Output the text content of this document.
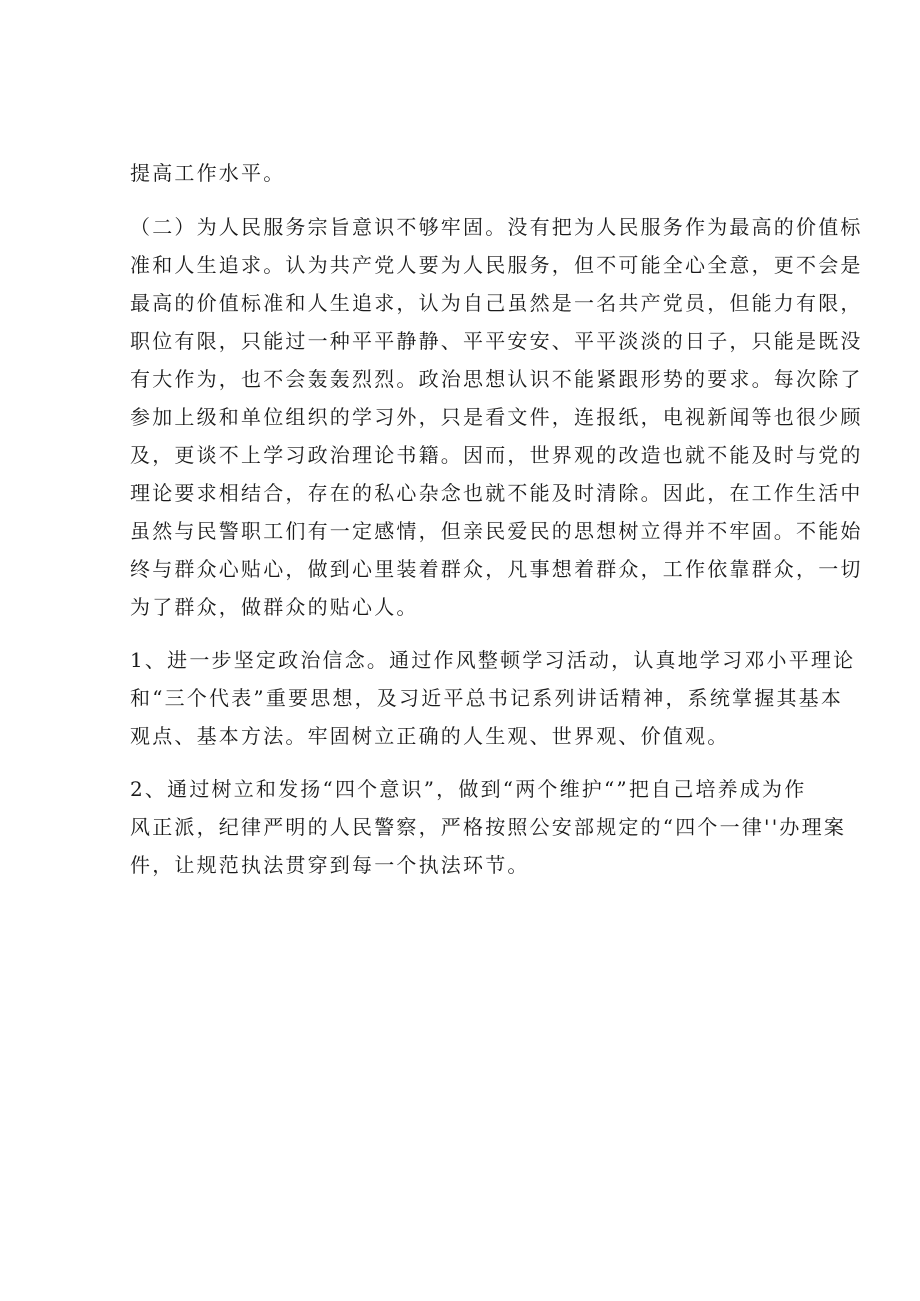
提高工作水平。
（二）为人民服务宗旨意识不够牢固。没有把为人民服务作为最高的价值标
准和人生追求。认为共产党人要为人民服务，但不可能全心全意，更不会是
最高的价值标准和人生追求，认为自己虽然是一名共产党员，但能力有限，
职位有限，只能过一种平平静静、平平安安、平平淡淡的日子，只能是既没
有大作为，也不会轰轰烈烈。政治思想认识不能紧跟形势的要求。每次除了
参加上级和单位组织的学习外，只是看文件，连报纸，电视新闻等也很少顾
及，更谈不上学习政治理论书籍。因而，世界观的改造也就不能及时与党的
理论要求相结合，存在的私心杂念也就不能及时清除。因此，在工作生活中
虽然与民警职工们有一定感情，但亲民爱民的思想树立得并不牢固。不能始
终与群众心贴心，做到心里装着群众，凡事想着群众，工作依靠群众，一切
为了群众，做群众的贴心人。
1、进一步坚定政治信念。通过作风整顿学习活动，认真地学习邓小平理论
和“三个代表”重要思想，及习近平总书记系列讲话精神，系统掌握其基本
观点、基本方法。牢固树立正确的人生观、世界观、价值观。
2、通过树立和发扬“四个意识”，做到“两个维护“”把自己培养成为作
风正派，纪律严明的人民警察，严格按照公安部规定的“四个一律''办理案
件，让规范执法贯穿到每一个执法环节。
